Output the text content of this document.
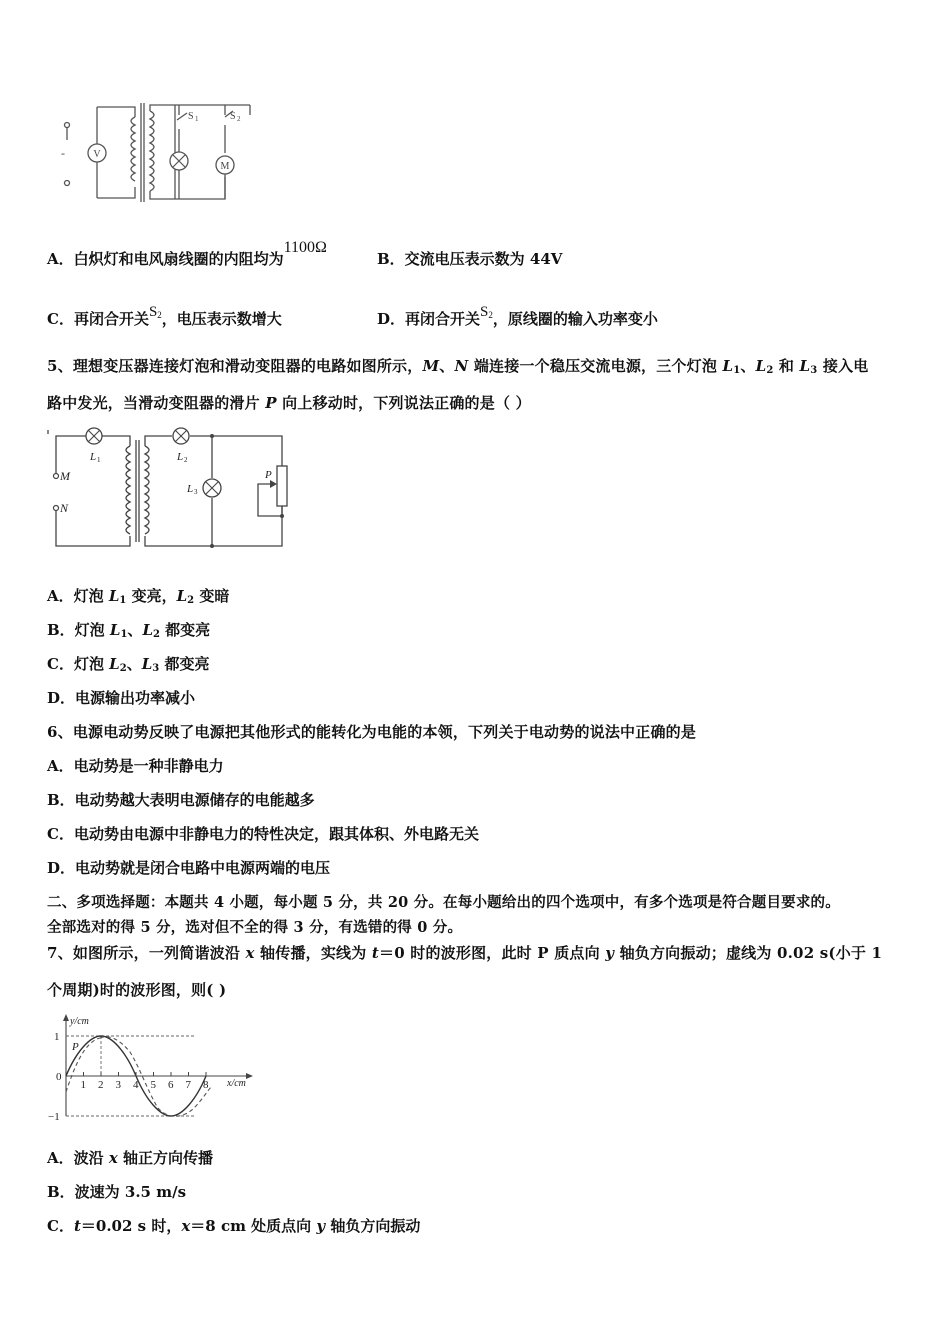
V
-
M
S 1	S 2
A．白炽灯和电风扇线圈的内阻均为1100Ω
B．交流电压表示数为 44V
C．再闭合开关$S_2$，电压表示数增大	D．再闭合开关$S_2$，原线圈的输入功率变小
5、理想变压器连接灯泡和滑动变阻器的电路如图所示，M、N 端连接一个稳压交流电源，三个灯泡 $L_1$、$L_2$ 和 $L_3$ 接入电
路中发光，当滑动变阻器的滑片 P 向上移动时，下列说法正确的是（ ）
M
N
L 1	L 2
L 3
P
A．灯泡 $L_1$ 变亮，$L_2$ 变暗
B．灯泡 $L_1$、$L_2$ 都变亮
C．灯泡 $L_2$、$L_3$ 都变亮
D．电源输出功率减小
6、电源电动势反映了电源把其他形式的能转化为电能的本领，下列关于电动势的说法中正确的是
A．电动势是一种非静电力
B．电动势越大表明电源储存的电能越多
C．电动势由电源中非静电力的特性决定，跟其体积、外电路无关
D．电动势就是闭合电路中电源两端的电压
二、多项选择题：本题共 4 小题，每小题 5 分，共 20 分。在每小题给出的四个选项中，有多个选项是符合题目要求的。
全部选对的得 5 分，选对但不全的得 3 分，有选错的得 0 分。
7、如图所示，一列简谐波沿 x 轴传播，实线为 t＝0 时的波形图，此时 P 质点向 y 轴负方向振动；虚线为 0.02 s(小于 1
个周期)时的波形图，则( )
y/cm
x/cm
1
−1
0
P
1 2 3 4 5 6 7 8
A．波沿 x 轴正方向传播
B．波速为 3.5 m/s
C．t＝0.02 s 时，x＝8 cm 处质点向 y 轴负方向振动
